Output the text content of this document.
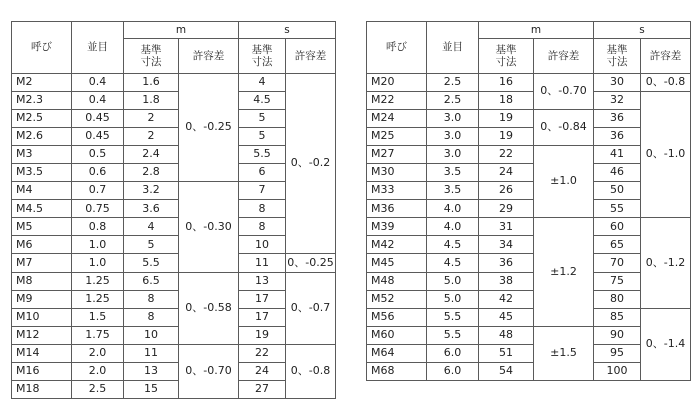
呼び	並目	m		s	
		基準
寸法	許容差	基準
寸法	許容差
M2	0.4	1.6	0、-0.25	4	0、-0.2
M2.3	0.4	1.8		4.5	
M2.5	0.45	2		5	
M2.6	0.45	2		5	
M3	0.5	2.4		5.5	
M3.5	0.6	2.8		6	
M4	0.7	3.2	0、-0.30	7	
M4.5	0.75	3.6		8	
M5	0.8	4		8	
M6	1.0	5		10	
M7	1.0	5.5		11	0、-0.25
M8	1.25	6.5	0、-0.58	13	0、-0.7
M9	1.25	8		17	
M10	1.5	8		17	
M12	1.75	10		19	
M14	2.0	11	0、-0.70	22	0、-0.8
M16	2.0	13		24	
M18	2.5	15		27	
呼び	並目	m		s	
		基準
寸法	許容差	基準
寸法	許容差
M20	2.5	16	0、-0.70	30	0、-0.8
M22	2.5	18		32	0、-1.0
M24	3.0	19	0、-0.84	36	
M25	3.0	19		36	
M27	3.0	22	±1.0	41	
M30	3.5	24		46	
M33	3.5	26		50	
M36	4.0	29		55	
M39	4.0	31	±1.2	60	0、-1.2
M42	4.5	34		65	
M45	4.5	36		70	
M48	5.0	38		75	
M52	5.0	42		80	
M56	5.5	45		85	0、-1.4
M60	5.5	48	±1.5	90	
M64	6.0	51		95	
M68	6.0	54		100	
